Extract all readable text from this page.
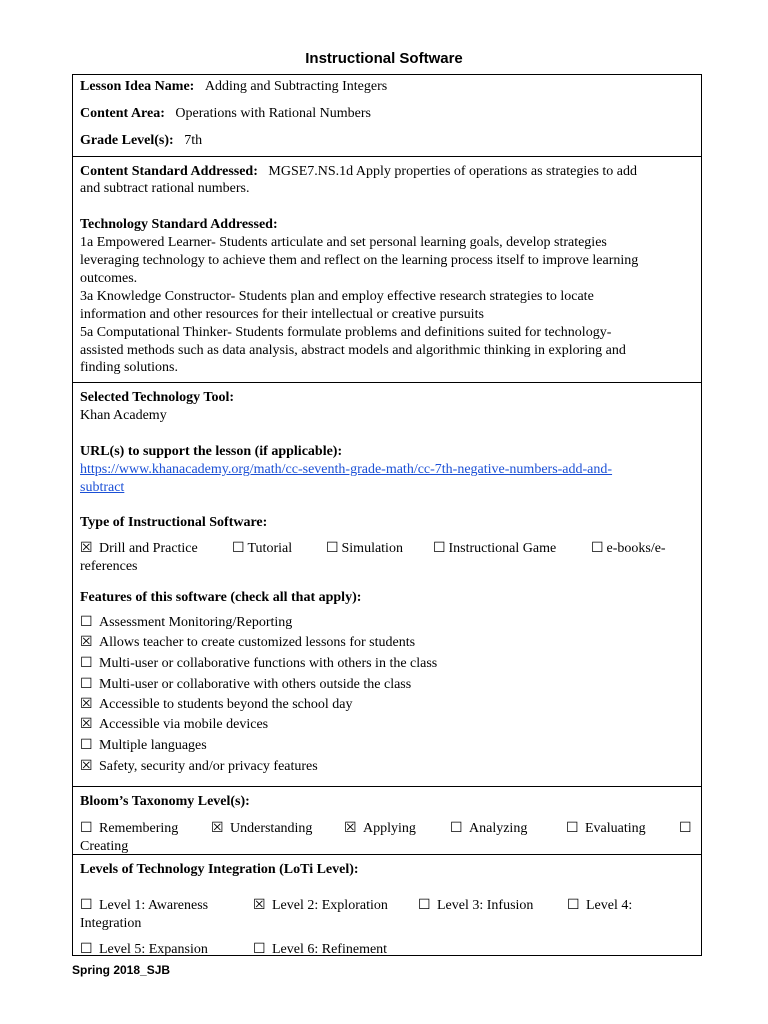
Instructional Software
Lesson Idea Name: Adding and Subtracting Integers
Content Area: Operations with Rational Numbers
Grade Level(s): 7th
Content Standard Addressed: MGSE7.NS.1d Apply properties of operations as strategies to add
and subtract rational numbers.
Technology Standard Addressed:
1a Empowered Learner- Students articulate and set personal learning goals, develop strategies
leveraging technology to achieve them and reflect on the learning process itself to improve learning
outcomes.
3a Knowledge Constructor- Students plan and employ effective research strategies to locate
information and other resources for their intellectual or creative pursuits
5a Computational Thinker- Students formulate problems and definitions suited for technology-
assisted methods such as data analysis, abstract models and algorithmic thinking in exploring and
finding solutions.
Selected Technology Tool:
Khan Academy
URL(s) to support the lesson (if applicable):
https://www.khanacademy.org/math/cc-seventh-grade-math/cc-7th-negative-numbers-add-and-
subtract
Type of Instructional Software:
☒ Drill and Practice ☐ Tutorial ☐ Simulation ☐ Instructional Game ☐ e-books/e-
references
Features of this software (check all that apply):
☐ Assessment Monitoring/Reporting
☒ Allows teacher to create customized lessons for students
☐ Multi-user or collaborative functions with others in the class
☐ Multi-user or collaborative with others outside the class
☒ Accessible to students beyond the school day
☒ Accessible via mobile devices
☐ Multiple languages
☒ Safety, security and/or privacy features
Bloom’s Taxonomy Level(s):
☐ Remembering ☒ Understanding ☒ Applying ☐ Analyzing	☐ Evaluating ☐
Creating
Levels of Technology Integration (LoTi Level):
☐ Level 1: Awareness	☒ Level 2: Exploration ☐ Level 3: Infusion ☐ Level 4:
Integration
☐ Level 5: Expansion	☐ Level 6: Refinement
Spring 2018_SJB
